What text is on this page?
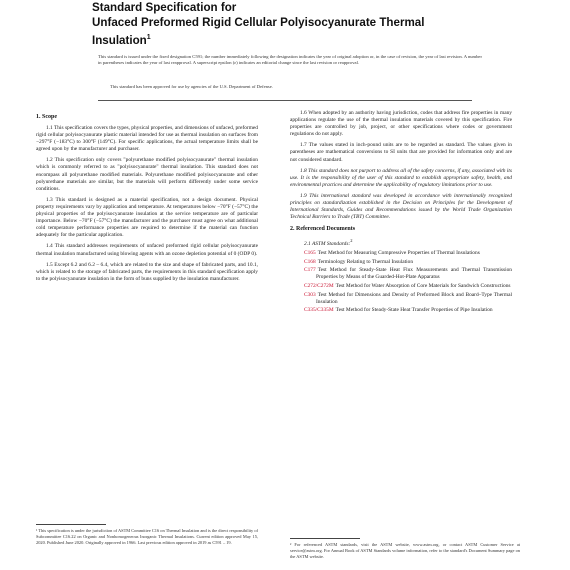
Standard Specification for
Unfaced Preformed Rigid Cellular Polyisocyanurate Thermal
Insulation$^1$
This standard is issued under the fixed designation C591; the number immediately following the designation indicates the year of original adoption or, in the case of revision, the year of last revision. A number in parentheses indicates the year of last reapproval. A superscript epsilon (ε) indicates an editorial change since the last revision or reapproval.
This standard has been approved for use by agencies of the U.S. Department of Defense.
1. Scope
1.1 This specification covers the types, physical properties, and dimensions of unfaced, preformed rigid cellular polyisocyanurate plastic material intended for use as thermal insulation on surfaces from −297°F (−183°C) to 300°F (149°C). For specific applications, the actual temperature limits shall be agreed upon by the manufacturer and purchaser.
1.2 This specification only covers "polyurethane modified polyisocyanurate" thermal insulation which is commonly referred to as "polyisocyanurate" thermal insulation. This standard does not encompass all polyurethane modified materials. Polyurethane modified polyisocyanurate and other polyurethane materials are similar, but the materials will perform differently under some service conditions.
1.3 This standard is designed as a material specification, not a design document. Physical property requirements vary by application and temperature. At temperatures below −70°F (−57°C) the physical properties of the polyisocyanurate insulation at the service temperature are of particular importance. Below −70°F (−57°C) the manufacturer and the purchaser must agree on what additional cold temperature performance properties are required to determine if the material can function adequately for the particular application.
1.4 This standard addresses requirements of unfaced preformed rigid cellular polyisocyanurate thermal insulation manufactured using blowing agents with an ozone depletion potential of 0 (ODP 0).
1.5 Except 6.2 and 6.2 – 6.4, which are related to the size and shape of fabricated parts, and 10.1, which is related to the storage of fabricated parts, the requirements in this standard specification apply to the polyisocyanurate insulation in the form of buns supplied by the insulation manufacturer.
1.6 When adopted by an authority having jurisdiction, codes that address fire properties in many applications regulate the use of the thermal insulation materials covered by this specification. Fire properties are controlled by job, project, or other specifications where codes or government regulations do not apply.
1.7 The values stated in inch-pound units are to be regarded as standard. The values given in parentheses are mathematical conversions to SI units that are provided for information only and are not considered standard.
1.8 This standard does not purport to address all of the safety concerns, if any, associated with its use. It is the responsibility of the user of this standard to establish appropriate safety, health, and environmental practices and determine the applicability of regulatory limitations prior to use.
1.9 This international standard was developed in accordance with internationally recognized principles on standardization established in the Decision on Principles for the Development of International Standards, Guides and Recommendations issued by the World Trade Organization Technical Barriers to Trade (TBT) Committee.
2. Referenced Documents
2.1 ASTM Standards:$^2$
C165 Test Method for Measuring Compressive Properties of Thermal Insulations
C168 Terminology Relating to Thermal Insulation
C177 Test Method for Steady-State Heat Flux Measurements and Thermal Transmission Properties by Means of the Guarded-Hot-Plate Apparatus
C272/C272M Test Method for Water Absorption of Core Materials for Sandwich Constructions
C303 Test Method for Dimensions and Density of Preformed Block and Board–Type Thermal Insulation
C335/C335M Test Method for Steady-State Heat Transfer Properties of Pipe Insulation
¹ This specification is under the jurisdiction of ASTM Committee C16 on Thermal Insulation and is the direct responsibility of Subcommittee C16.22 on Organic and Nonhomogeneous Inorganic Thermal Insulations. Current edition approved May 15, 2020. Published June 2020. Originally approved in 1966. Last previous edition approved in 2019 as C591 – 19.	² For referenced ASTM standards, visit the ASTM website, www.astm.org, or contact ASTM Customer Service at service@astm.org. For Annual Book of ASTM Standards volume information, refer to the standard's Document Summary page on the ASTM website.
